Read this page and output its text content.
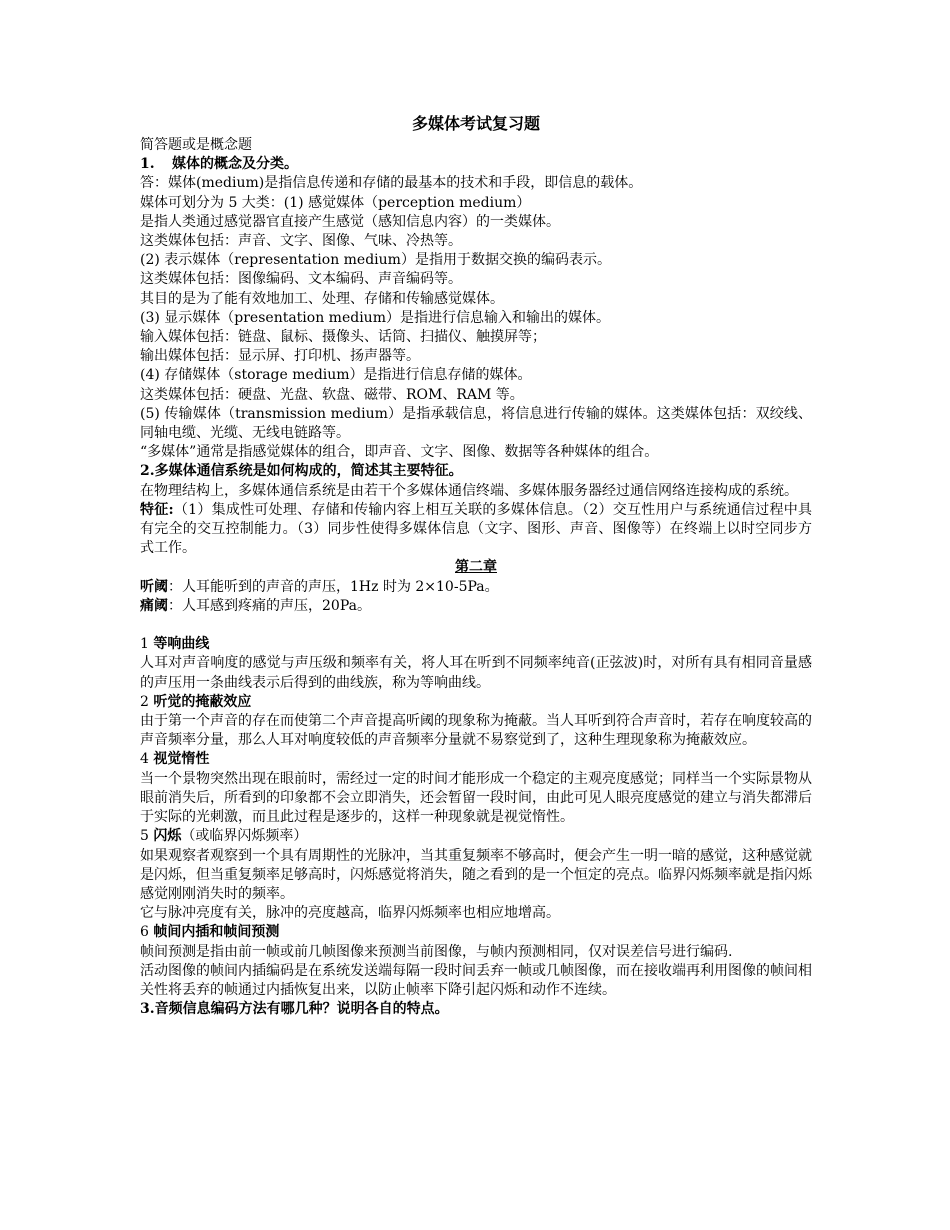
多媒体考试复习题

简答题或是概念题

1. 媒体的概念及分类。

答：媒体(medium)是指信息传递和存储的最基本的技术和手段，即信息的载体。

媒体可划分为 5 大类：(1) 感觉媒体（perception medium）

是指人类通过感觉器官直接产生感觉（感知信息内容）的一类媒体。

这类媒体包括：声音、文字、图像、气味、冷热等。

(2) 表示媒体（representation medium）是指用于数据交换的编码表示。

这类媒体包括：图像编码、文本编码、声音编码等。

其目的是为了能有效地加工、处理、存储和传输感觉媒体。

(3) 显示媒体（presentation medium）是指进行信息输入和输出的媒体。

输入媒体包括：链盘、鼠标、摄像头、话筒、扫描仪、触摸屏等；

输出媒体包括：显示屏、打印机、扬声器等。

(4) 存储媒体（storage medium）是指进行信息存储的媒体。

这类媒体包括：硬盘、光盘、软盘、磁带、ROM、RAM 等。

(5) 传输媒体（transmission medium）是指承载信息，将信息进行传输的媒体。这类媒体包括：双绞线、同轴电缆、光缆、无线电链路等。

“多媒体”通常是指感觉媒体的组合，即声音、文字、图像、数据等各种媒体的组合。

2.多媒体通信系统是如何构成的，简述其主要特征。

在物理结构上，多媒体通信系统是由若干个多媒体通信终端、多媒体服务器经过通信网络连接构成的系统。

特征:（1）集成性可处理、存储和传输内容上相互关联的多媒体信息。（2）交互性用户与系统通信过程中具有完全的交互控制能力。（3）同步性使得多媒体信息（文字、图形、声音、图像等）在终端上以时空同步方式工作。

第二章

听阈：人耳能听到的声音的声压，1Hz 时为 2×10-5Pa。

痛阈：人耳感到疼痛的声压，20Pa。

1 等响曲线

人耳对声音响度的感觉与声压级和频率有关，将人耳在听到不同频率纯音(正弦波)时，对所有具有相同音量感的声压用一条曲线表示后得到的曲线族，称为等响曲线。

2 听觉的掩蔽效应

由于第一个声音的存在而使第二个声音提高听阈的现象称为掩蔽。当人耳听到符合声音时，若存在响度较高的声音频率分量，那么人耳对响度较低的声音频率分量就不易察觉到了，这种生理现象称为掩蔽效应。

4 视觉惰性

当一个景物突然出现在眼前时，需经过一定的时间才能形成一个稳定的主观亮度感觉；同样当一个实际景物从眼前消失后，所看到的印象都不会立即消失，还会暂留一段时间，由此可见人眼亮度感觉的建立与消失都滞后于实际的光刺激，而且此过程是逐步的，这样一种现象就是视觉惰性。

5 闪烁（或临界闪烁频率）

如果观察者观察到一个具有周期性的光脉冲，当其重复频率不够高时，便会产生一明一暗的感觉，这种感觉就是闪烁，但当重复频率足够高时，闪烁感觉将消失，随之看到的是一个恒定的亮点。临界闪烁频率就是指闪烁感觉刚刚消失时的频率。

它与脉冲亮度有关，脉冲的亮度越高，临界闪烁频率也相应地增高。

6 帧间内插和帧间预测

帧间预测是指由前一帧或前几帧图像来预测当前图像，与帧内预测相同，仅对误差信号进行编码.

活动图像的帧间内插编码是在系统发送端每隔一段时间丢弃一帧或几帧图像，而在接收端再利用图像的帧间相关性将丢弃的帧通过内插恢复出来，以防止帧率下降引起闪烁和动作不连续。

3.音频信息编码方法有哪几种？说明各自的特点。
